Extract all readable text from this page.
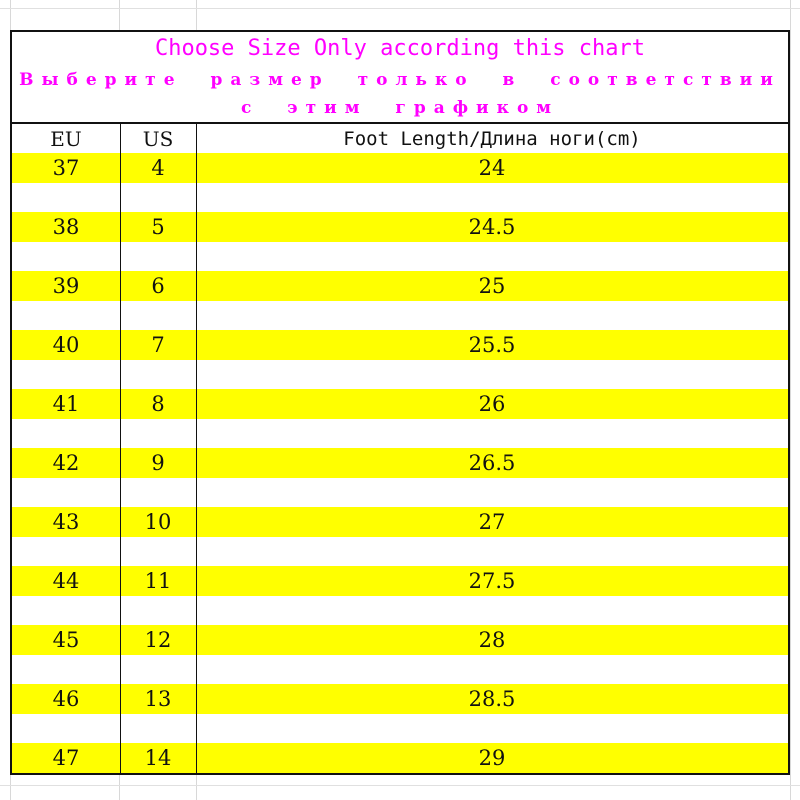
Choose Size Only according this chart
Выберите размер только в соответствии с этим графиком
EU	US	Foot Length/Длина ноги(cm)
37	4	24
38	5	24.5
39	6	25
40	7	25.5
41	8	26
42	9	26.5
43	10	27
44	11	27.5
45	12	28
46	13	28.5
47	14	29
